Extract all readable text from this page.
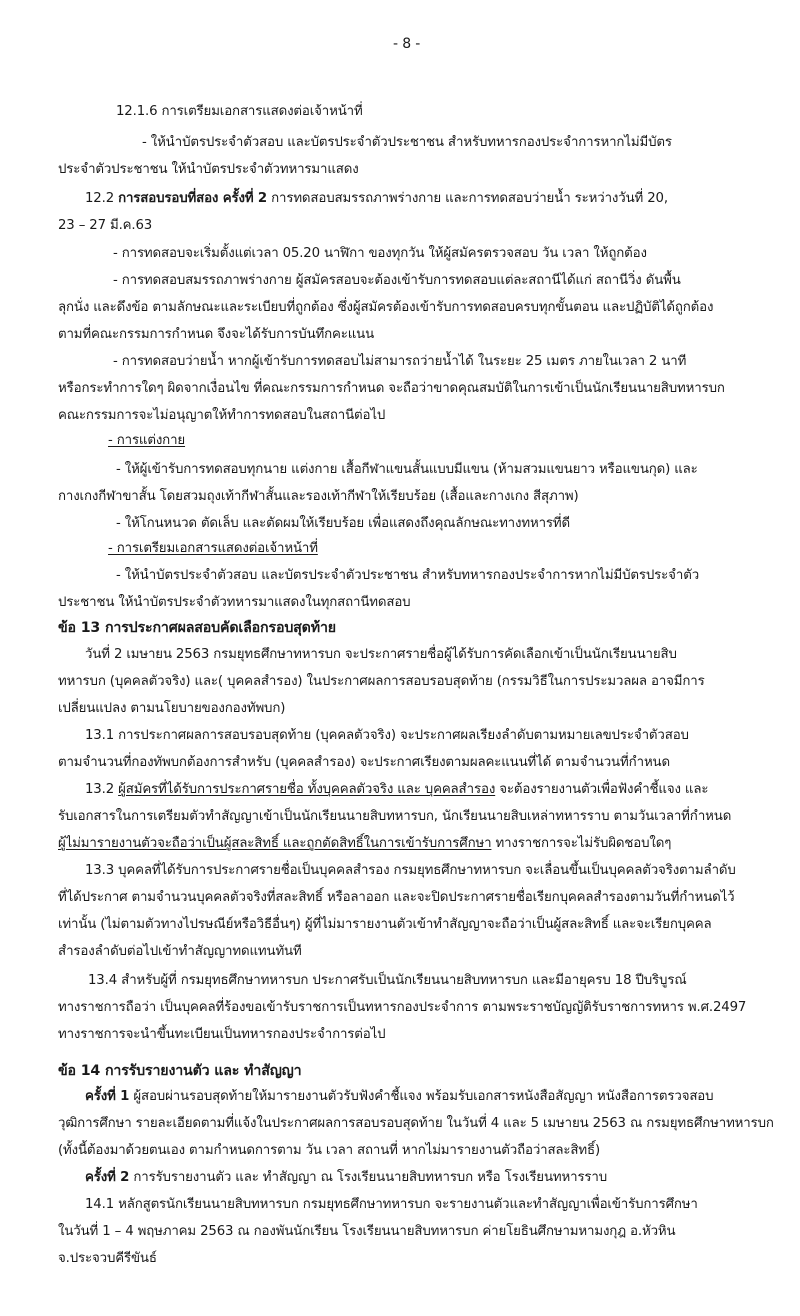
- 8 -
12.1.6 การเตรียมเอกสารแสดงต่อเจ้าหน้าที่
- ให้นำบัตรประจำตัวสอบ และบัตรประจำตัวประชาชน สำหรับทหารกองประจำการหากไม่มีบัตร
ประจำตัวประชาชน ให้นำบัตรประจำตัวทหารมาแสดง
12.2 การสอบรอบที่สอง ครั้งที่ 2 การทดสอบสมรรถภาพร่างกาย และการทดสอบว่ายน้ำ ระหว่างวันที่ 20,
23 – 27 มี.ค.63
- การทดสอบจะเริ่มตั้งแต่เวลา 05.20 นาฬิกา ของทุกวัน ให้ผู้สมัครตรวจสอบ วัน เวลา ให้ถูกต้อง
- การทดสอบสมรรถภาพร่างกาย ผู้สมัครสอบจะต้องเข้ารับการทดสอบแต่ละสถานีได้แก่ สถานีวิ่ง ดันพื้น
ลุกนั่ง และดึงข้อ ตามลักษณะและระเบียบที่ถูกต้อง ซึ่งผู้สมัครต้องเข้ารับการทดสอบครบทุกขั้นตอน และปฏิบัติได้ถูกต้อง
ตามที่คณะกรรมการกำหนด จึงจะได้รับการบันทึกคะแนน
- การทดสอบว่ายน้ำ หากผู้เข้ารับการทดสอบไม่สามารถว่ายน้ำได้ ในระยะ 25 เมตร ภายในเวลา 2 นาที
หรือกระทำการใดๆ ผิดจากเงื่อนไข ที่คณะกรรมการกำหนด จะถือว่าขาดคุณสมบัติในการเข้าเป็นนักเรียนนายสิบทหารบก
คณะกรรมการจะไม่อนุญาตให้ทำการทดสอบในสถานีต่อไป
- การแต่งกาย
- ให้ผู้เข้ารับการทดสอบทุกนาย แต่งกาย เสื้อกีฬาแขนสั้นแบบมีแขน (ห้ามสวมแขนยาว หรือแขนกุด) และ
กางเกงกีฬาขาสั้น โดยสวมถุงเท้ากีฬาสั้นและรองเท้ากีฬาให้เรียบร้อย (เสื้อและกางเกง สีสุภาพ)
- ให้โกนหนวด ตัดเล็บ และตัดผมให้เรียบร้อย เพื่อแสดงถึงคุณลักษณะทางทหารที่ดี
- การเตรียมเอกสารแสดงต่อเจ้าหน้าที่
- ให้นำบัตรประจำตัวสอบ และบัตรประจำตัวประชาชน สำหรับทหารกองประจำการหากไม่มีบัตรประจำตัว
ประชาชน ให้นำบัตรประจำตัวทหารมาแสดงในทุกสถานีทดสอบ
ข้อ 13 การประกาศผลสอบคัดเลือกรอบสุดท้าย
วันที่ 2 เมษายน 2563 กรมยุทธศึกษาทหารบก จะประกาศรายชื่อผู้ได้รับการคัดเลือกเข้าเป็นนักเรียนนายสิบ
ทหารบก (บุคคลตัวจริง) และ( บุคคลสำรอง) ในประกาศผลการสอบรอบสุดท้าย (กรรมวิธีในการประมวลผล อาจมีการ
เปลี่ยนแปลง ตามนโยบายของกองทัพบก)
13.1 การประกาศผลการสอบรอบสุดท้าย (บุคคลตัวจริง) จะประกาศผลเรียงลำดับตามหมายเลขประจำตัวสอบ
ตามจำนวนที่กองทัพบกต้องการสำหรับ (บุคคลสำรอง) จะประกาศเรียงตามผลคะแนนที่ได้ ตามจำนวนที่กำหนด
13.2 ผู้สมัครที่ได้รับการประกาศรายชื่อ ทั้งบุคคลตัวจริง และ บุคคลสำรอง จะต้องรายงานตัวเพื่อฟังคำชี้แจง และ
รับเอกสารในการเตรียมตัวทำสัญญาเข้าเป็นนักเรียนนายสิบทหารบก, นักเรียนนายสิบเหล่าทหารราบ ตามวันเวลาที่กำหนด
ผู้ไม่มารายงานตัวจะถือว่าเป็นผู้สละสิทธิ์ และถูกตัดสิทธิ์ในการเข้ารับการศึกษา ทางราชการจะไม่รับผิดชอบใดๆ
13.3 บุคคลที่ได้รับการประกาศรายชื่อเป็นบุคคลสำรอง กรมยุทธศึกษาทหารบก จะเลื่อนขึ้นเป็นบุคคลตัวจริงตามลำดับ
ที่ได้ประกาศ ตามจำนวนบุคคลตัวจริงที่สละสิทธิ์ หรือลาออก และจะปิดประกาศรายชื่อเรียกบุคคลสำรองตามวันที่กำหนดไว้
เท่านั้น (ไม่ตามตัวทางไปรษณีย์หรือวิธีอื่นๆ) ผู้ที่ไม่มารายงานตัวเข้าทำสัญญาจะถือว่าเป็นผู้สละสิทธิ์ และจะเรียกบุคคล
สำรองลำดับต่อไปเข้าทำสัญญาทดแทนทันที
13.4 สำหรับผู้ที่ กรมยุทธศึกษาทหารบก ประกาศรับเป็นนักเรียนนายสิบทหารบก และมีอายุครบ 18 ปีบริบูรณ์
ทางราชการถือว่า เป็นบุคคลที่ร้องขอเข้ารับราชการเป็นทหารกองประจำการ ตามพระราชบัญญัติรับราชการทหาร พ.ศ.2497
ทางราชการจะนำขึ้นทะเบียนเป็นทหารกองประจำการต่อไป
ข้อ 14 การรับรายงานตัว และ ทำสัญญา
ครั้งที่ 1 ผู้สอบผ่านรอบสุดท้ายให้มารายงานตัวรับฟังคำชี้แจง พร้อมรับเอกสารหนังสือสัญญา หนังสือการตรวจสอบ
วุฒิการศึกษา รายละเอียดตามที่แจ้งในประกาศผลการสอบรอบสุดท้าย ในวันที่ 4 และ 5 เมษายน 2563 ณ กรมยุทธศึกษาทหารบก
(ทั้งนี้ต้องมาด้วยตนเอง ตามกำหนดการตาม วัน เวลา สถานที่ หากไม่มารายงานตัวถือว่าสละสิทธิ์)
ครั้งที่ 2 การรับรายงานตัว และ ทำสัญญา ณ โรงเรียนนายสิบทหารบก หรือ โรงเรียนทหารราบ
14.1 หลักสูตรนักเรียนนายสิบทหารบก กรมยุทธศึกษาทหารบก จะรายงานตัวและทำสัญญาเพื่อเข้ารับการศึกษา
ในวันที่ 1 – 4 พฤษภาคม 2563 ณ กองพันนักเรียน โรงเรียนนายสิบทหารบก ค่ายโยธินศึกษามหามงกุฎ อ.หัวหิน
จ.ประจวบคีรีขันธ์
